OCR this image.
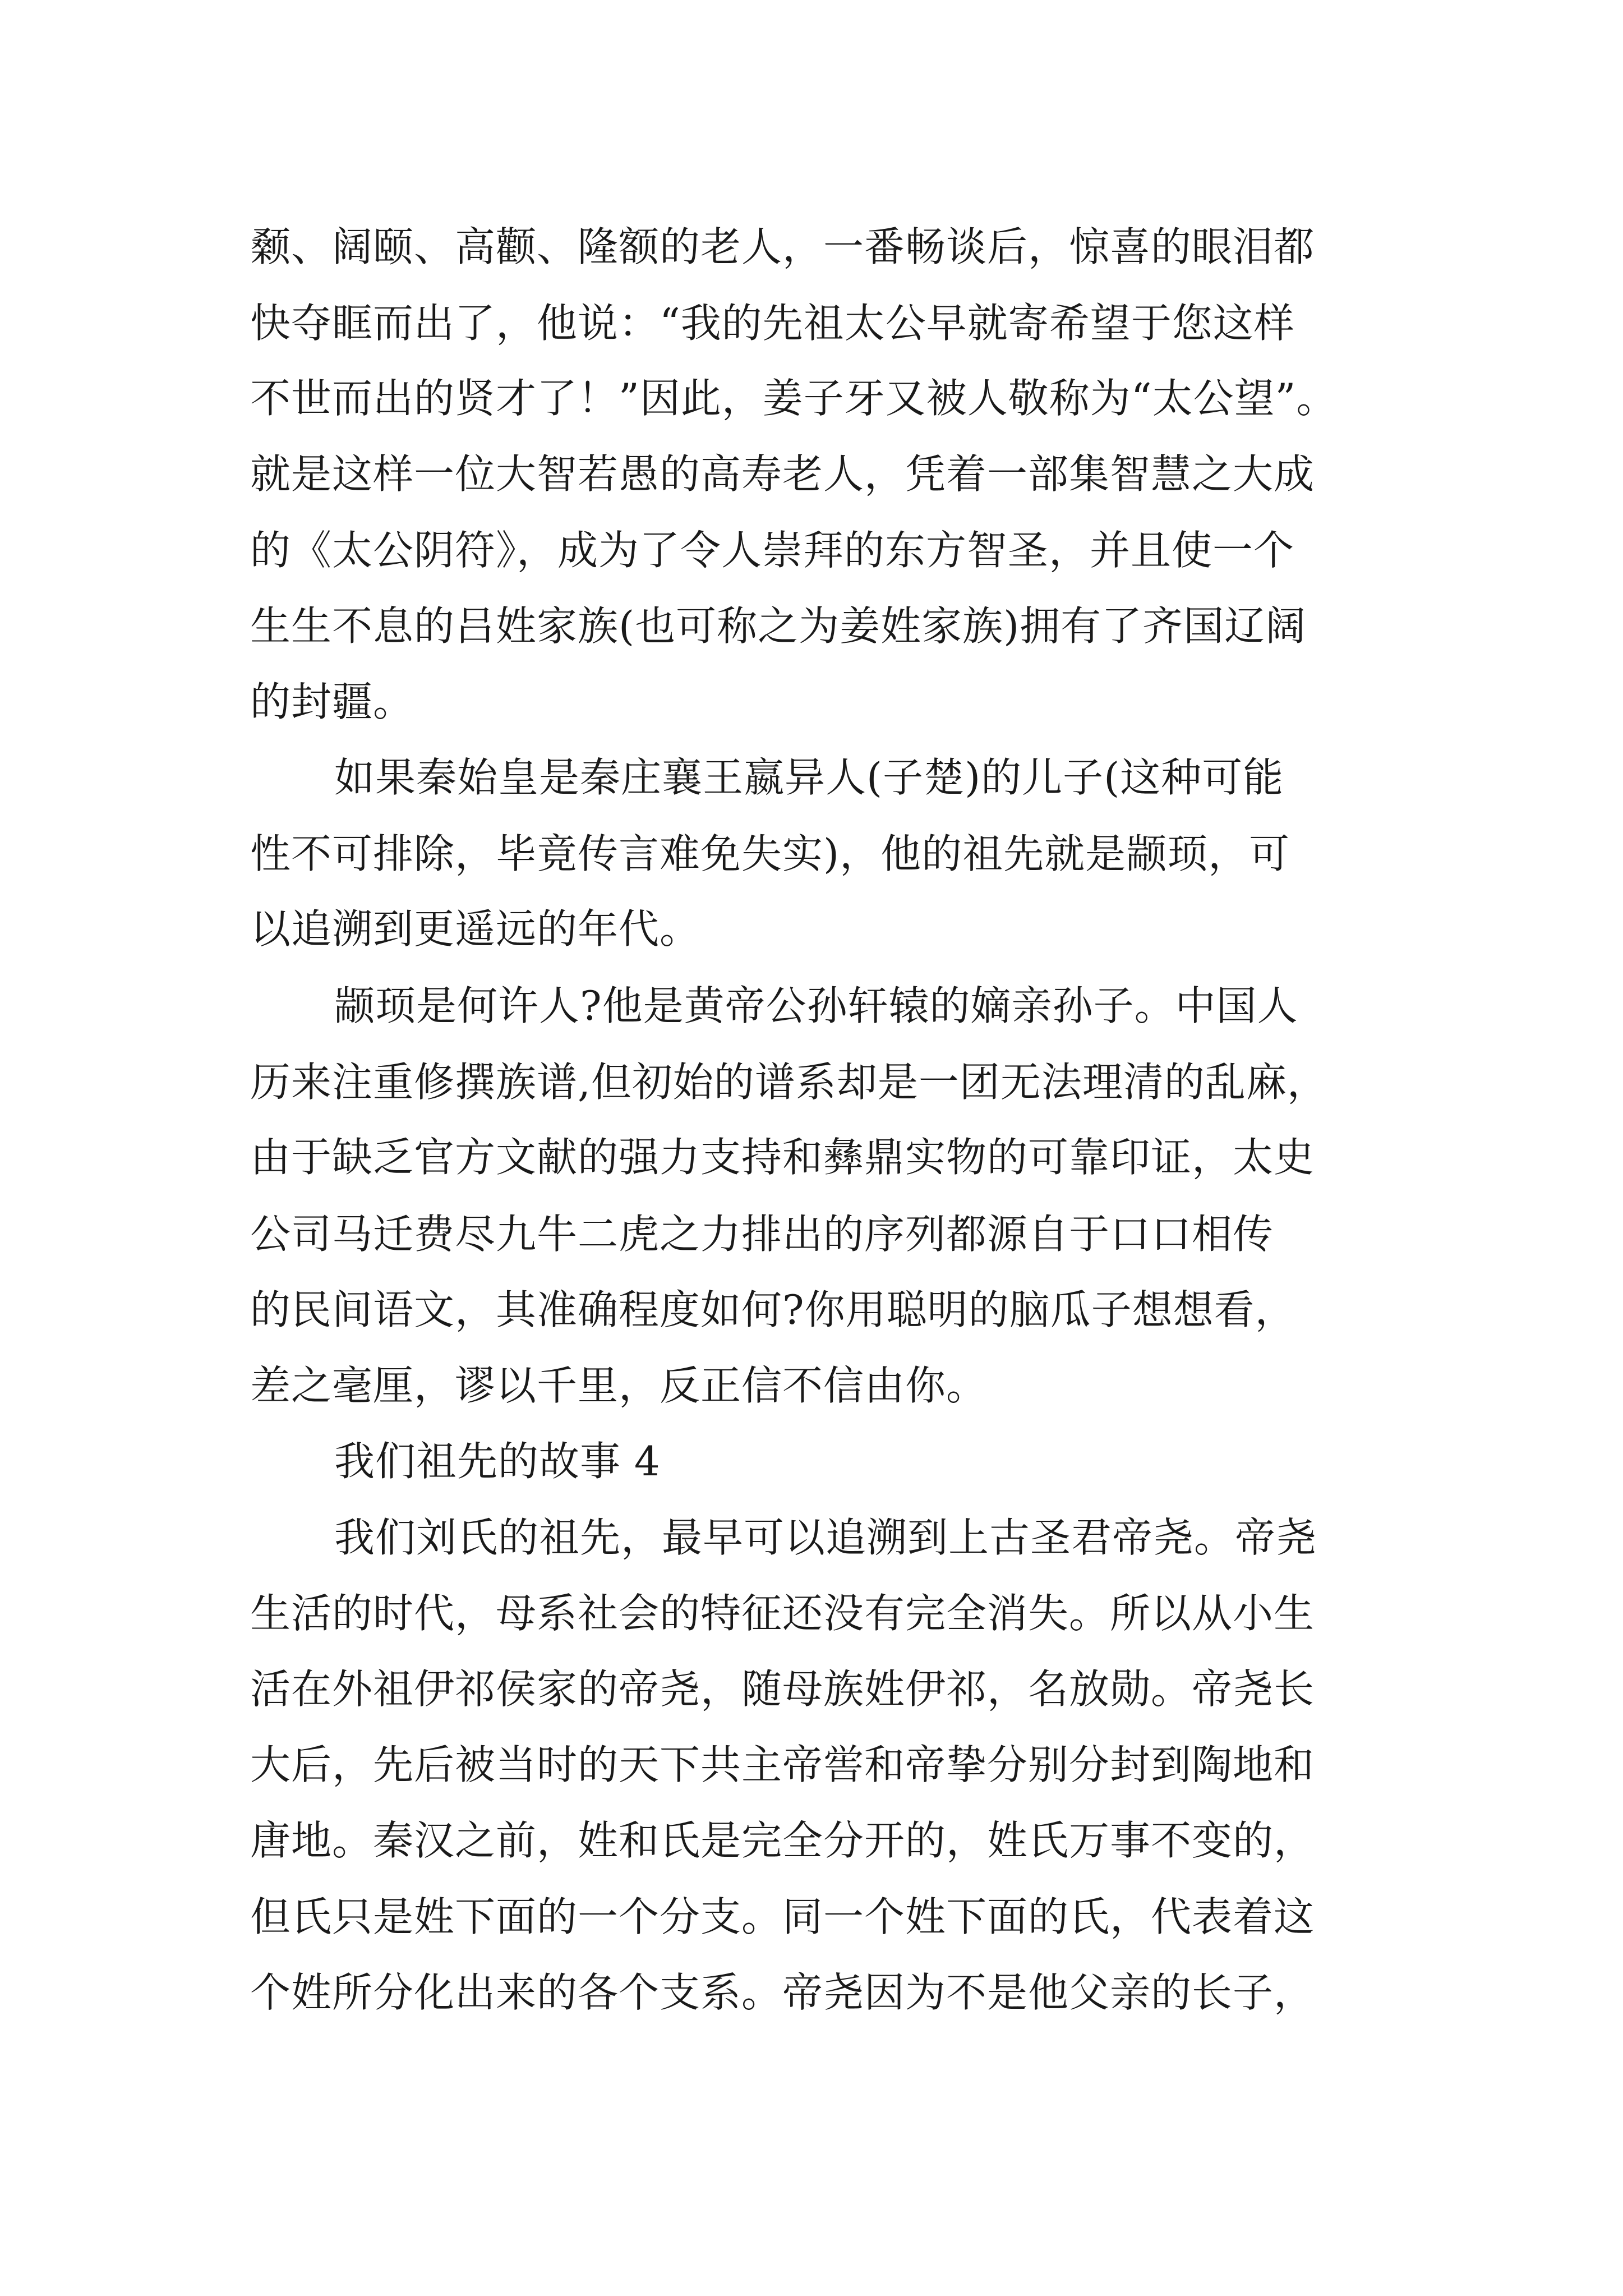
颡、阔颐、高颧、隆额的老人，一番畅谈后，惊喜的眼泪都
快夺眶而出了，他说：“我的先祖太公早就寄希望于您这样
不世而出的贤才了！”因此，姜子牙又被人敬称为“太公望”。
就是这样一位大智若愚的高寿老人，凭着一部集智慧之大成
的《太公阴符》，成为了令人崇拜的东方智圣，并且使一个
生生不息的吕姓家族(也可称之为姜姓家族)拥有了齐国辽阔
的封疆。
如果秦始皇是秦庄襄王嬴异人(子楚)的儿子(这种可能
性不可排除，毕竟传言难免失实)，他的祖先就是颛顼，可
以追溯到更遥远的年代。
颛顼是何许人?他是黄帝公孙轩辕的嫡亲孙子。中国人
历来注重修撰族谱,但初始的谱系却是一团无法理清的乱麻，
由于缺乏官方文献的强力支持和彝鼎实物的可靠印证，太史
公司马迁费尽九牛二虎之力排出的序列都源自于口口相传
的民间语文，其准确程度如何?你用聪明的脑瓜子想想看，
差之毫厘，谬以千里，反正信不信由你。
我们祖先的故事 4
我们刘氏的祖先，最早可以追溯到上古圣君帝尧。帝尧
生活的时代，母系社会的特征还没有完全消失。所以从小生
活在外祖伊祁侯家的帝尧，随母族姓伊祁，名放勋。帝尧长
大后，先后被当时的天下共主帝喾和帝挚分别分封到陶地和
唐地。秦汉之前，姓和氏是完全分开的，姓氏万事不变的，
但氏只是姓下面的一个分支。同一个姓下面的氏，代表着这
个姓所分化出来的各个支系。帝尧因为不是他父亲的长子，
